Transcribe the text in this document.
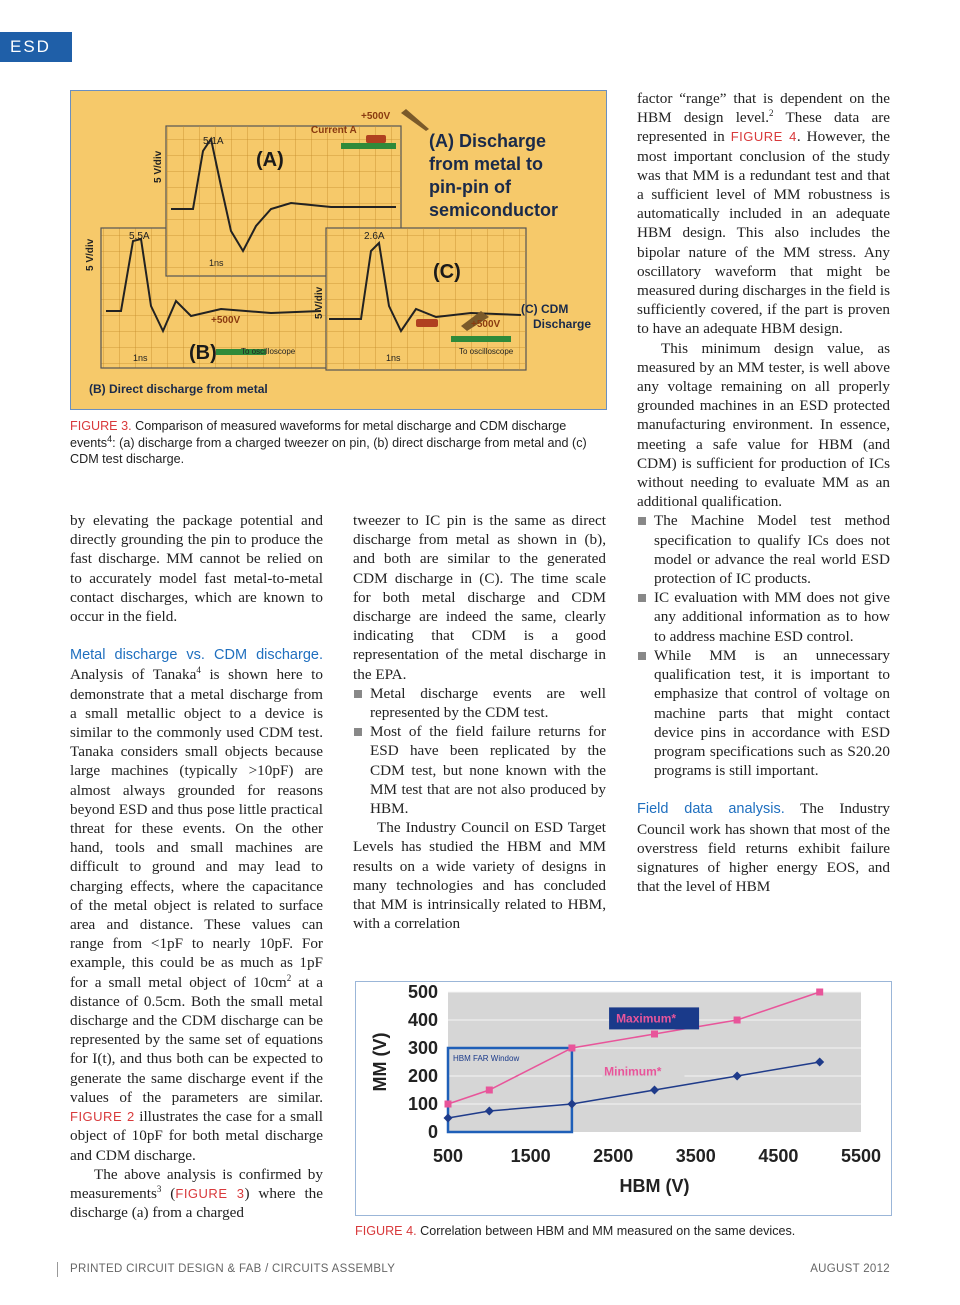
ESD
5.1A
5.5A	2.6A
Current A
+500V
+500V	+500V
1ns
1ns	1ns
5 V/div
5 V/div
5 V/div
(A)
(B)
(C)
(A) Discharge
from metal to
pin-pin of
semiconductor
(C) CDM
Discharge
To oscilloscope	To oscilloscope
(B) Direct discharge from metal
FIGURE 3. Comparison of measured waveforms for metal discharge and CDM discharge events$^4$: (a) discharge from a charged tweezer on pin, (b) direct discharge from metal and (c) CDM test discharge.

by elevating the package potential and directly grounding the pin to produce the fast discharge. MM cannot be relied on to accurately model fast metal-to-metal contact discharges, which are known to occur in the field.

Metal discharge vs. CDM discharge. Analysis of Tanaka$^4$ is shown here to demonstrate that a metal discharge from a small metallic object to a device is similar to the commonly used CDM test. Tanaka considers small objects because large machines (typically >10pF) are almost always grounded for reasons beyond ESD and thus pose little practical threat for these events. On the other hand, tools and small machines are difficult to ground and may lead to charging effects, where the capacitance of the metal object is related to surface area and distance. These values can range from <1pF to nearly 10pF. For example, this could be as much as 1pF for a small metal object of $10cm^2$ at a distance of 0.5cm. Both the small metal discharge and the CDM discharge can be represented by the same set of equations for I(t), and thus both can be expected to generate the same discharge event if the values of the parameters are similar. FIGURE 2 illustrates the case for a small object of 10pF for both metal discharge and CDM discharge.

The above analysis is confirmed by measurements$^3$ (FIGURE 3) where the discharge (a) from a charged

tweezer to IC pin is the same as direct discharge from metal as shown in (b), and both are similar to the generated CDM discharge in (C). The time scale for both metal discharge and CDM discharge are indeed the same, clearly indicating that CDM is a good representation of the metal discharge in the EPA.

Metal discharge events are well represented by the CDM test.
Most of the field failure returns for ESD have been replicated by the CDM test, but none known with the MM test that are not also produced by HBM.

The Industry Council on ESD Target Levels has studied the HBM and MM results on a wide variety of designs in many technologies and has concluded that MM is intrinsically related to HBM, with a correlation

factor “range” that is dependent on the HBM design level.$^2$ These data are represented in FIGURE 4. However, the most important conclusion of the study was that MM is a redundant test and that a sufficient level of MM robustness is automatically included in an adequate HBM design. This also includes the bipolar nature of the MM stress. Any oscillatory waveform that might be measured during discharges in the field is sufficiently covered, if the part is proven to have an adequate HBM design.

This minimum design value, as measured by an MM tester, is well above any voltage remaining on all properly grounded machines in an ESD protected manufacturing environment. In essence, meeting a safe value for HBM (and CDM) is sufficient for production of ICs without needing to evaluate MM as an additional qualification.

The Machine Model test method specification to qualify ICs does not model or advance the real world ESD protection of IC products.
IC evaluation with MM does not give any additional information as to how to address machine ESD control.
While MM is an unnecessary qualification test, it is important to emphasize that control of voltage on machine parts that might contact device pins in accordance with ESD program specifications such as S20.20 programs is still important.

Field data analysis. The Industry Council work has shown that most of the overstress field returns exhibit failure signatures of higher energy EOS, and that the level of HBM

HBM FAR Window
Maximum*
Minimum*
0
100
200
300
400
500
500	1500 2500 3500 4500 5500
HBM (V)
MM (V)
FIGURE 4. Correlation between HBM and MM measured on the same devices.
PRINTED CIRCUIT DESIGN & FAB / CIRCUITS ASSEMBLY	AUGUST 2012
